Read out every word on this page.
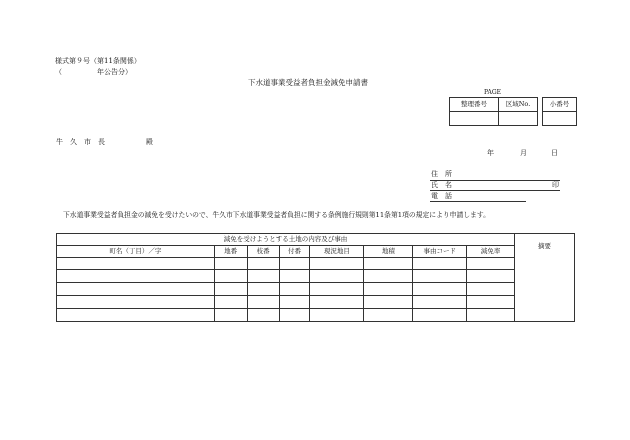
様式第９号（第11条関係）
（　　　　　年公告分）
下水道事業受益者負担金減免申請書
PAGE
整理番号	区域No.
		小番号

牛　久　市　長	殿
年	月	日
住　所
氏　名	印
電　話
下水道事業受益者負担金の減免を受けたいので、牛久市下水道事業受益者負担に関する条例施行規則第11条第1項の規定により申請します。
減免を受けようとする土地の内容及び事由								摘要
町名（丁目）／字	地番	枝番	付番	現況地目	地積	事由コード	減免率	
